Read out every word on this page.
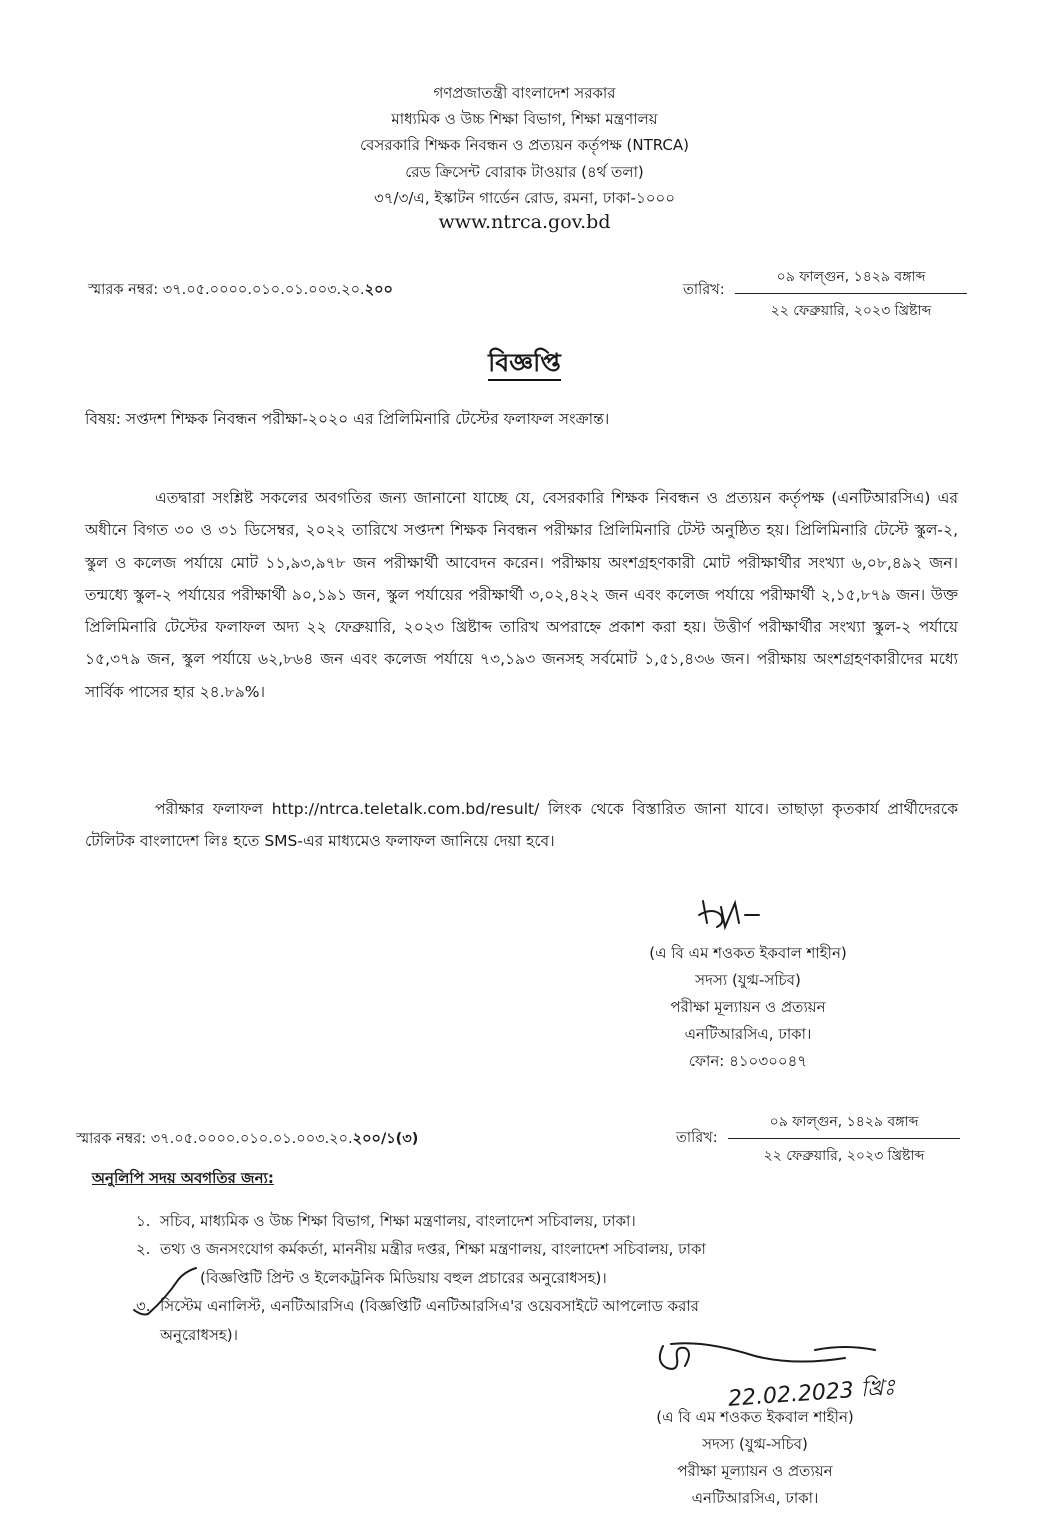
গণপ্রজাতন্ত্রী বাংলাদেশ সরকার
মাধ্যমিক ও উচ্চ শিক্ষা বিভাগ, শিক্ষা মন্ত্রণালয়
বেসরকারি শিক্ষক নিবন্ধন ও প্রত্যয়ন কর্তৃপক্ষ (NTRCA)
রেড ক্রিসেন্ট বোরাক টাওয়ার (৪র্থ তলা)
৩৭/৩/এ, ইস্কাটন গার্ডেন রোড, রমনা, ঢাকা-১০০০
www.ntrca.gov.bd
স্মারক নম্বর: ৩৭.০৫.০০০০.০১০.০১.০০৩.২০.২০০	তারিখ:
০৯ ফাল্গুন, ১৪২৯ বঙ্গাব্দ
২২ ফেব্রুয়ারি, ২০২৩ খ্রিষ্টাব্দ
বিজ্ঞপ্তি
বিষয়: সপ্তদশ শিক্ষক নিবন্ধন পরীক্ষা-২০২০ এর প্রিলিমিনারি টেস্টের ফলাফল সংক্রান্ত।

এতদ্বারা সংশ্লিষ্ট সকলের অবগতির জন্য জানানো যাচ্ছে যে, বেসরকারি শিক্ষক নিবন্ধন ও প্রত্যয়ন কর্তৃপক্ষ (এনটিআরসিএ) এর অধীনে বিগত ৩০ ও ৩১ ডিসেম্বর, ২০২২ তারিখে সপ্তদশ শিক্ষক নিবন্ধন পরীক্ষার প্রিলিমিনারি টেস্ট অনুষ্ঠিত হয়। প্রিলিমিনারি টেস্টে স্কুল-২, স্কুল ও কলেজ পর্যায়ে মোট ১১,৯৩,৯৭৮ জন পরীক্ষার্থী আবেদন করেন। পরীক্ষায় অংশগ্রহণকারী মোট পরীক্ষার্থীর সংখ্যা ৬,০৮,৪৯২ জন। তন্মধ্যে স্কুল-২ পর্যায়ের পরীক্ষার্থী ৯০,১৯১ জন, স্কুল পর্যায়ের পরীক্ষার্থী ৩,০২,৪২২ জন এবং কলেজ পর্যায়ে পরীক্ষার্থী ২,১৫,৮৭৯ জন। উক্ত প্রিলিমিনারি টেস্টের ফলাফল অদ্য ২২ ফেব্রুয়ারি, ২০২৩ খ্রিষ্টাব্দ তারিখ অপরাহ্নে প্রকাশ করা হয়। উত্তীর্ণ পরীক্ষার্থীর সংখ্যা স্কুল-২ পর্যায়ে ১৫,৩৭৯ জন, স্কুল পর্যায়ে ৬২,৮৬৪ জন এবং কলেজ পর্যায়ে ৭৩,১৯৩ জনসহ সর্বমোট ১,৫১,৪৩৬ জন। পরীক্ষায় অংশগ্রহণকারীদের মধ্যে সার্বিক পাসের হার ২৪.৮৯%।

পরীক্ষার ফলাফল http://ntrca.teletalk.com.bd/result/ লিংক থেকে বিস্তারিত জানা যাবে। তাছাড়া কৃতকার্য প্রার্থীদেরকে টেলিটক বাংলাদেশ লিঃ হতে SMS-এর মাধ্যমেও ফলাফল জানিয়ে দেয়া হবে।

(এ বি এম শওকত ইকবাল শাহীন)
সদস্য (যুগ্ম-সচিব)
পরীক্ষা মূল্যায়ন ও প্রত্যয়ন
এনটিআরসিএ, ঢাকা।
ফোন: ৪১০৩০০৪৭
স্মারক নম্বর: ৩৭.০৫.০০০০.০১০.০১.০০৩.২০.২০০/১(৩)	তারিখ:
০৯ ফাল্গুন, ১৪২৯ বঙ্গাব্দ
২২ ফেব্রুয়ারি, ২০২৩ খ্রিষ্টাব্দ
অনুলিপি সদয় অবগতির জন্য:
১. সচিব, মাধ্যমিক ও উচ্চ শিক্ষা বিভাগ, শিক্ষা মন্ত্রণালয়, বাংলাদেশ সচিবালয়, ঢাকা।
২. তথ্য ও জনসংযোগ কর্মকর্তা, মাননীয় মন্ত্রীর দপ্তর, শিক্ষা মন্ত্রণালয়, বাংলাদেশ সচিবালয়, ঢাকা
(বিজ্ঞপ্তিটি প্রিন্ট ও ইলেকট্রনিক মিডিয়ায় বহুল প্রচারের অনুরোধসহ)।
৩. সিস্টেম এনালিস্ট, এনটিআরসিএ (বিজ্ঞপ্তিটি এনটিআরসিএ'র ওয়েবসাইটে আপলোড করার
অনুরোধসহ)।
22.02.2023 খ্রিঃ
(এ বি এম শওকত ইকবাল শাহীন)
সদস্য (যুগ্ম-সচিব)
পরীক্ষা মূল্যায়ন ও প্রত্যয়ন
এনটিআরসিএ, ঢাকা।
